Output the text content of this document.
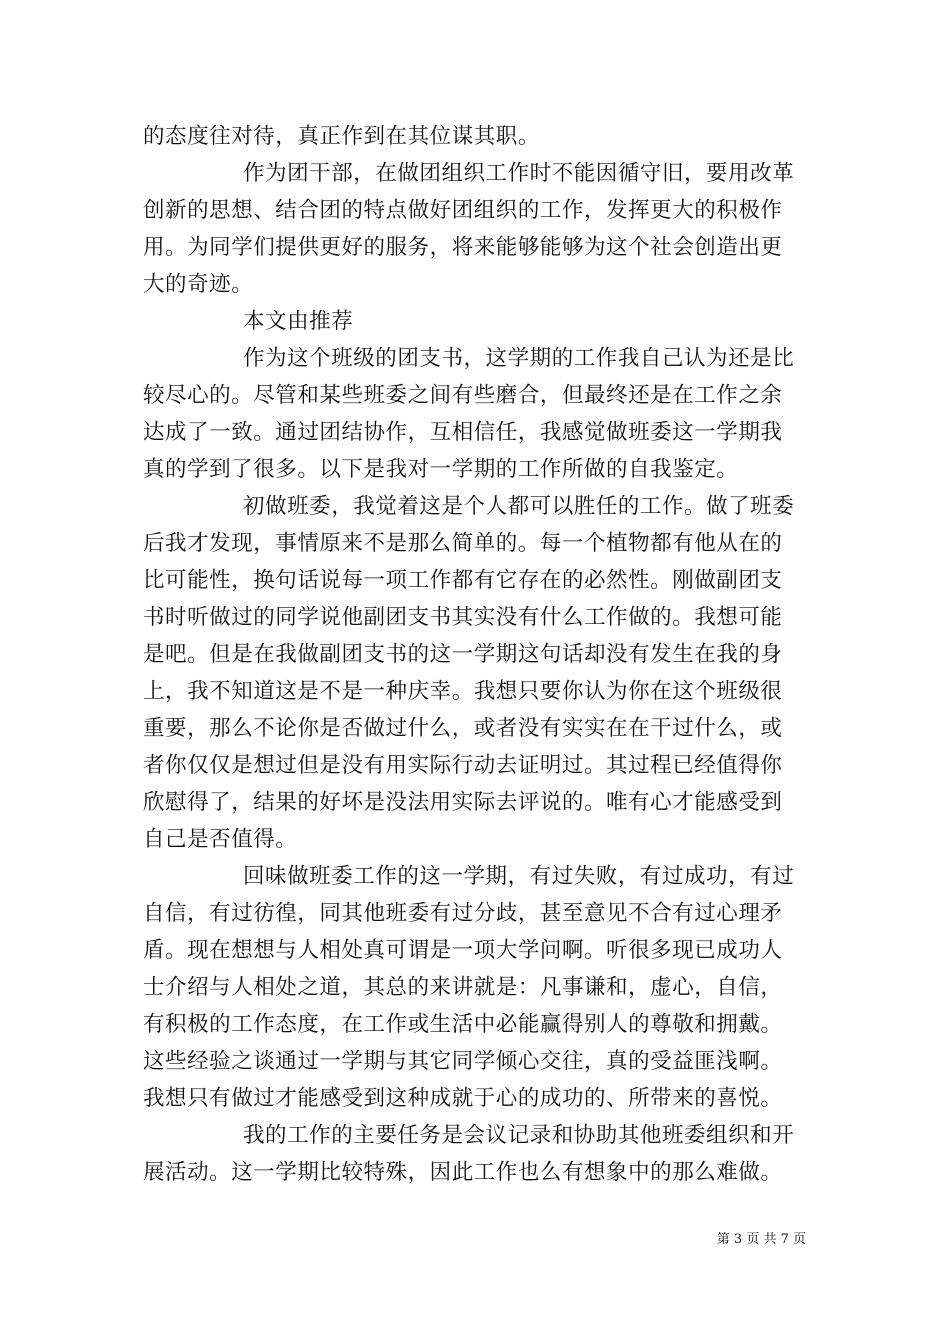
的态度往对待，真正作到在其位谋其职。
作为团干部，在做团组织工作时不能因循守旧，要用改革
创新的思想、结合团的特点做好团组织的工作，发挥更大的积极作
用。为同学们提供更好的服务，将来能够能够为这个社会创造出更
大的奇迹。
本文由推荐
作为这个班级的团支书，这学期的工作我自己认为还是比
较尽心的。尽管和某些班委之间有些磨合，但最终还是在工作之余
达成了一致。通过团结协作，互相信任，我感觉做班委这一学期我
真的学到了很多。以下是我对一学期的工作所做的自我鉴定。
初做班委，我觉着这是个人都可以胜任的工作。做了班委
后我才发现，事情原来不是那么简单的。每一个植物都有他从在的
比可能性，换句话说每一项工作都有它存在的必然性。刚做副团支
书时听做过的同学说他副团支书其实没有什么工作做的。我想可能
是吧。但是在我做副团支书的这一学期这句话却没有发生在我的身
上，我不知道这是不是一种庆幸。我想只要你认为你在这个班级很
重要，那么不论你是否做过什么，或者没有实实在在干过什么，或
者你仅仅是想过但是没有用实际行动去证明过。其过程已经值得你
欣慰得了，结果的好坏是没法用实际去评说的。唯有心才能感受到
自己是否值得。
回味做班委工作的这一学期，有过失败，有过成功，有过
自信，有过彷徨，同其他班委有过分歧，甚至意见不合有过心理矛
盾。现在想想与人相处真可谓是一项大学问啊。听很多现已成功人
士介绍与人相处之道，其总的来讲就是：凡事谦和，虚心，自信，
有积极的工作态度，在工作或生活中必能赢得别人的尊敬和拥戴。
这些经验之谈通过一学期与其它同学倾心交往，真的受益匪浅啊。
我想只有做过才能感受到这种成就于心的成功的、所带来的喜悦。
我的工作的主要任务是会议记录和协助其他班委组织和开
展活动。这一学期比较特殊，因此工作也么有想象中的那么难做。
第 3 页 共 7 页
